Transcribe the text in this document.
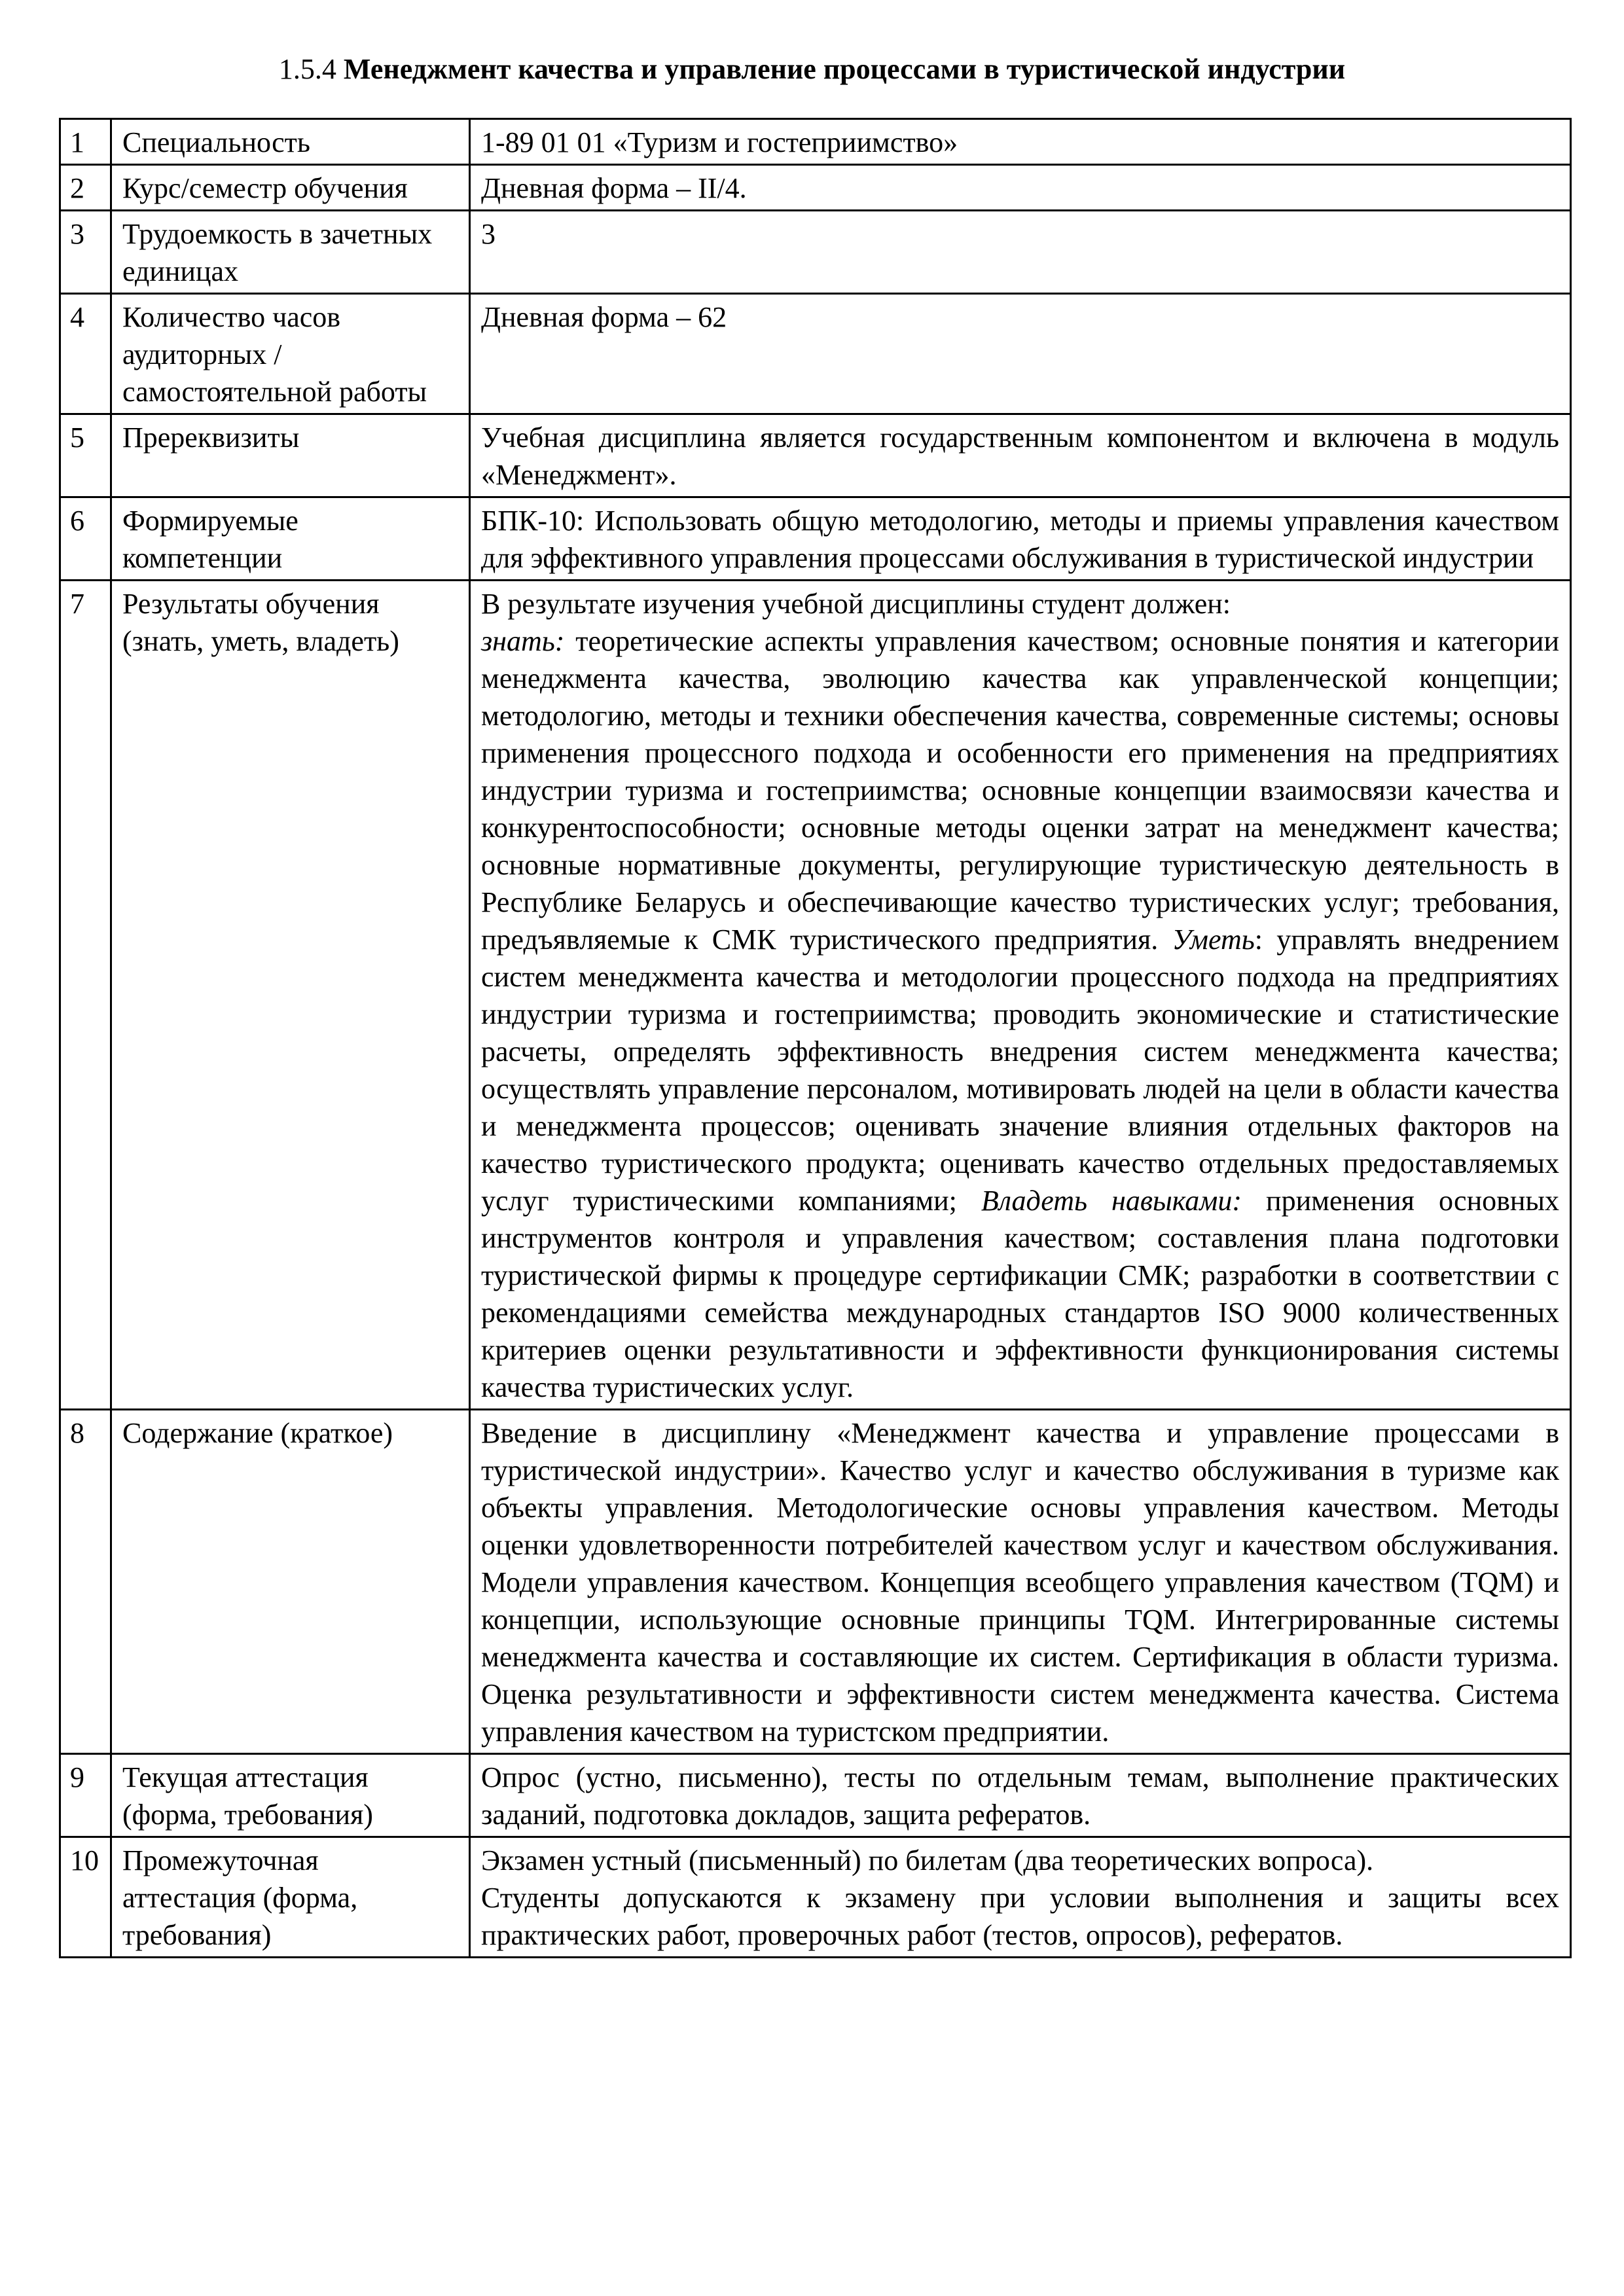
1.5.4 Менеджмент качества и управление процессами в туристической индустрии
1	Специальность	1-89 01 01 «Туризм и гостеприимство»
2	Курс/семестр обучения	Дневная форма – II/4.
3	Трудоемкость в зачетных единицах	3
4	Количество часов аудиторных / самостоятельной работы	Дневная форма – 62
5	Пререквизиты	Учебная дисциплина является государственным компонентом и включена в модуль «Менеджмент».
6	Формируемые компетенции	БПК-10: Использовать общую методологию, методы и приемы управления качеством для эффективного управления процессами обслуживания в туристической индустрии
7	Результаты обучения (знать, уметь, владеть)	В результате изучения учебной дисциплины студент должен:
знать: теоретические аспекты управления качеством; основные понятия и категории менеджмента качества, эволюцию качества как управленческой концепции; методологию, методы и техники обеспечения качества, современные системы; основы применения процессного подхода и особенности его применения на предприятиях индустрии туризма и гостеприимства; основные концепции взаимосвязи качества и конкурентоспособности; основные методы оценки затрат на менеджмент качества; основные нормативные документы, регулирующие туристическую деятельность в Республике Беларусь и обеспечивающие качество туристических услуг; требования, предъявляемые к СМК туристического предприятия. Уметь: управлять внедрением систем менеджмента качества и методологии процессного подхода на предприятиях индустрии туризма и гостеприимства; проводить экономические и статистические расчеты, определять эффективность внедрения систем менеджмента качества; осуществлять управление персоналом, мотивировать людей на цели в области качества и менеджмента процессов; оценивать значение влияния отдельных факторов на качество туристического продукта; оценивать качество отдельных предоставляемых услуг туристическими компаниями; Владеть навыками: применения основных инструментов контроля и управления качеством; составления плана подготовки туристической фирмы к процедуре сертификации СМК; разработки в соответствии с рекомендациями семейства международных стандартов ISO 9000 количественных критериев оценки результативности и эффективности функционирования системы качества туристических услуг.

8	Содержание (краткое)	Введение в дисциплину «Менеджмент качества и управление процессами в туристической индустрии». Качество услуг и качество обслуживания в туризме как объекты управления. Методологические основы управления качеством. Методы оценки удовлетворенности потребителей качеством услуг и качеством обслуживания. Модели управления качеством. Концепция всеобщего управления качеством (TQM) и концепции, использующие основные принципы TQM. Интегрированные системы менеджмента качества и составляющие их систем. Сертификация в области туризма. Оценка результативности и эффективности систем менеджмента качества. Система управления качеством на туристском предприятии.
9	Текущая аттестация (форма, требования)	Опрос (устно, письменно), тесты по отдельным темам, выполнение практических заданий, подготовка докладов, защита рефератов.
10	Промежуточная аттестация (форма, требования)	Экзамен устный (письменный) по билетам (два теоретических вопроса).
Студенты допускаются к экзамену при условии выполнения и защиты всех практических работ, проверочных работ (тестов, опросов), рефератов.
